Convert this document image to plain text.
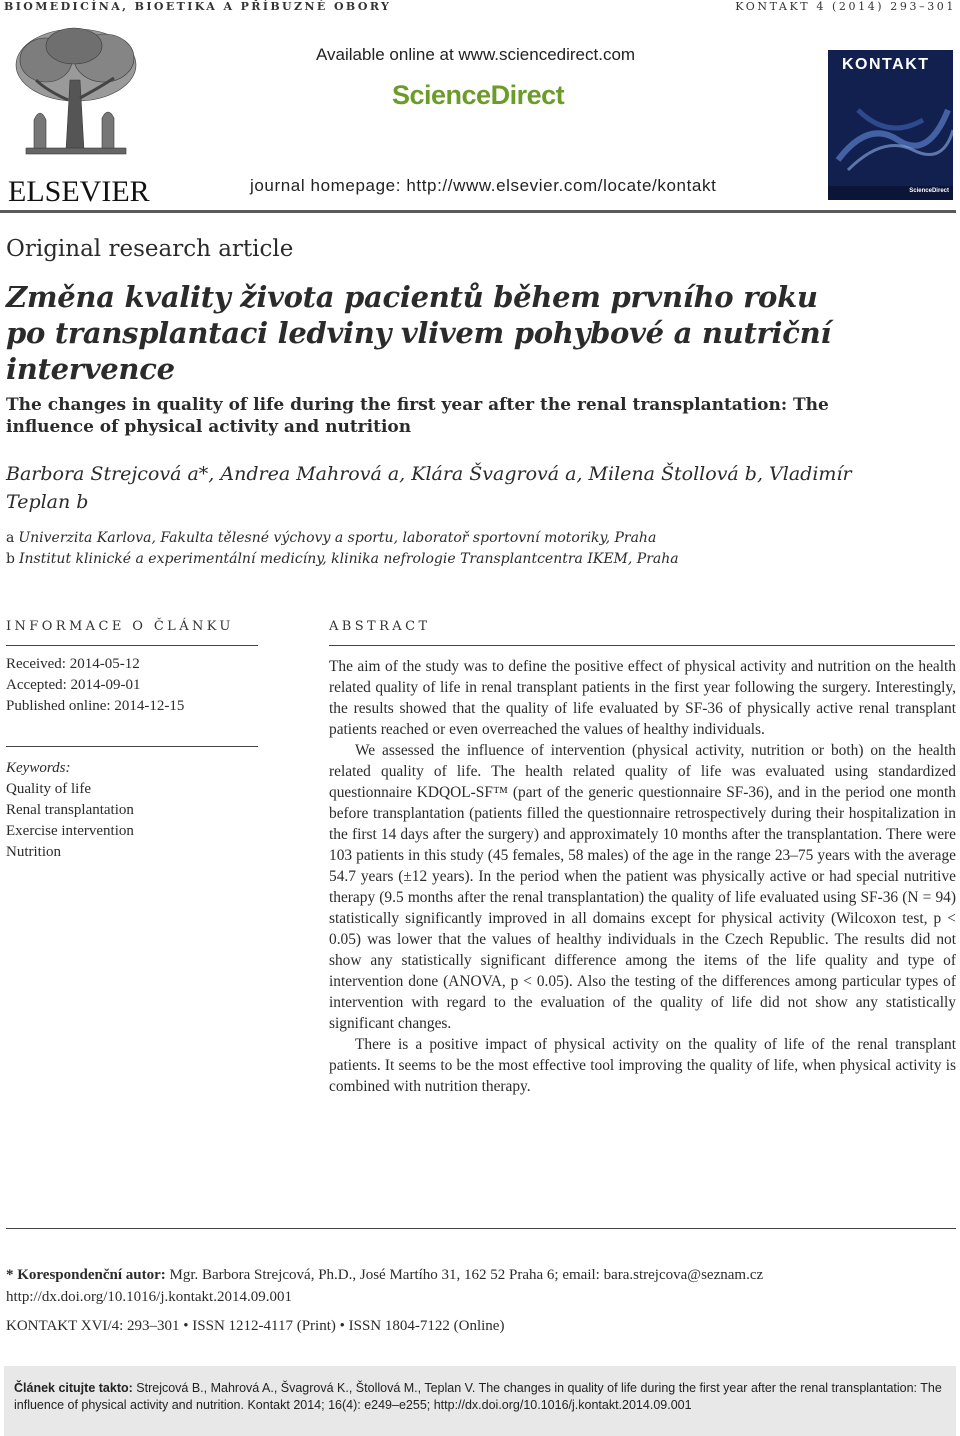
BIOMEDICÍNA, BIOETIKA A PŘÍBUZNÉ OBORY	KONTAKT 4 (2014) 293–301
ELSEVIER
Available online at www.sciencedirect.com
ScienceDirect
journal homepage: http://www.elsevier.com/locate/kontakt
KONTAKT
ScienceDirect
Original research article
Změna kvality života pacientů během prvního roku po transplantaci ledviny vlivem pohybové a nutriční intervence
The changes in quality of life during the first year after the renal transplantation: The influence of physical activity and nutrition
Barbora Strejcová a*, Andrea Mahrová a, Klára Švagrová a, Milena Štollová b, Vladimír Teplan b
a Univerzita Karlova, Fakulta tělesné výchovy a sportu, laboratoř sportovní motoriky, Praha
b Institut klinické a experimentální medicíny, klinika nefrologie Transplantcentra IKEM, Praha
INFORMACE O ČLÁNKU
Received: 2014-05-12
Accepted: 2014-09-01
Published online: 2014-12-15
Keywords:
Quality of life
Renal transplantation
Exercise intervention
Nutrition
ABSTRACT

The aim of the study was to define the positive effect of physical activity and nutrition on the health related quality of life in renal transplant patients in the first year following the surgery. Interestingly, the results showed that the quality of life evaluated by SF-36 of physically active renal transplant patients reached or even overreached the values of healthy individuals.

We assessed the influence of intervention (physical activity, nutrition or both) on the health related quality of life. The health related quality of life was evaluated using standardized questionnaire KDQOL-SF™ (part of the generic questionnaire SF-36), and in the period one month before transplantation (patients filled the questionnaire retrospectively during their hospitalization in the first 14 days after the surgery) and approximately 10 months after the transplantation. There were 103 patients in this study (45 females, 58 males) of the age in the range 23–75 years with the average 54.7 years (±12 years). In the period when the patient was physically active or had special nutritive therapy (9.5 months after the renal transplantation) the quality of life evaluated using SF-36 (N = 94) statistically significantly improved in all domains except for physical activity (Wilcoxon test, p < 0.05) was lower that the values of healthy individuals in the Czech Republic. The results did not show any statistically significant difference among the items of the life quality and type of intervention done (ANOVA, p < 0.05). Also the testing of the differences among particular types of intervention with regard to the evaluation of the quality of life did not show any statistically significant changes.

There is a positive impact of physical activity on the quality of life of the renal transplant patients. It seems to be the most effective tool improving the quality of life, when physical activity is combined with nutrition therapy.

* Korespondenční autor: Mgr. Barbora Strejcová, Ph.D., José Martího 31, 162 52 Praha 6; email: bara.strejcova@seznam.cz
http://dx.doi.org/10.1016/j.kontakt.2014.09.001
KONTAKT XVI/4: 293–301 • ISSN 1212-4117 (Print) • ISSN 1804-7122 (Online)
Článek citujte takto: Strejcová B., Mahrová A., Švagrová K., Štollová M., Teplan V. The changes in quality of life during the first year after the renal transplantation: The influence of physical activity and nutrition. Kontakt 2014; 16(4): e249–e255; http://dx.doi.org/10.1016/j.kontakt.2014.09.001
